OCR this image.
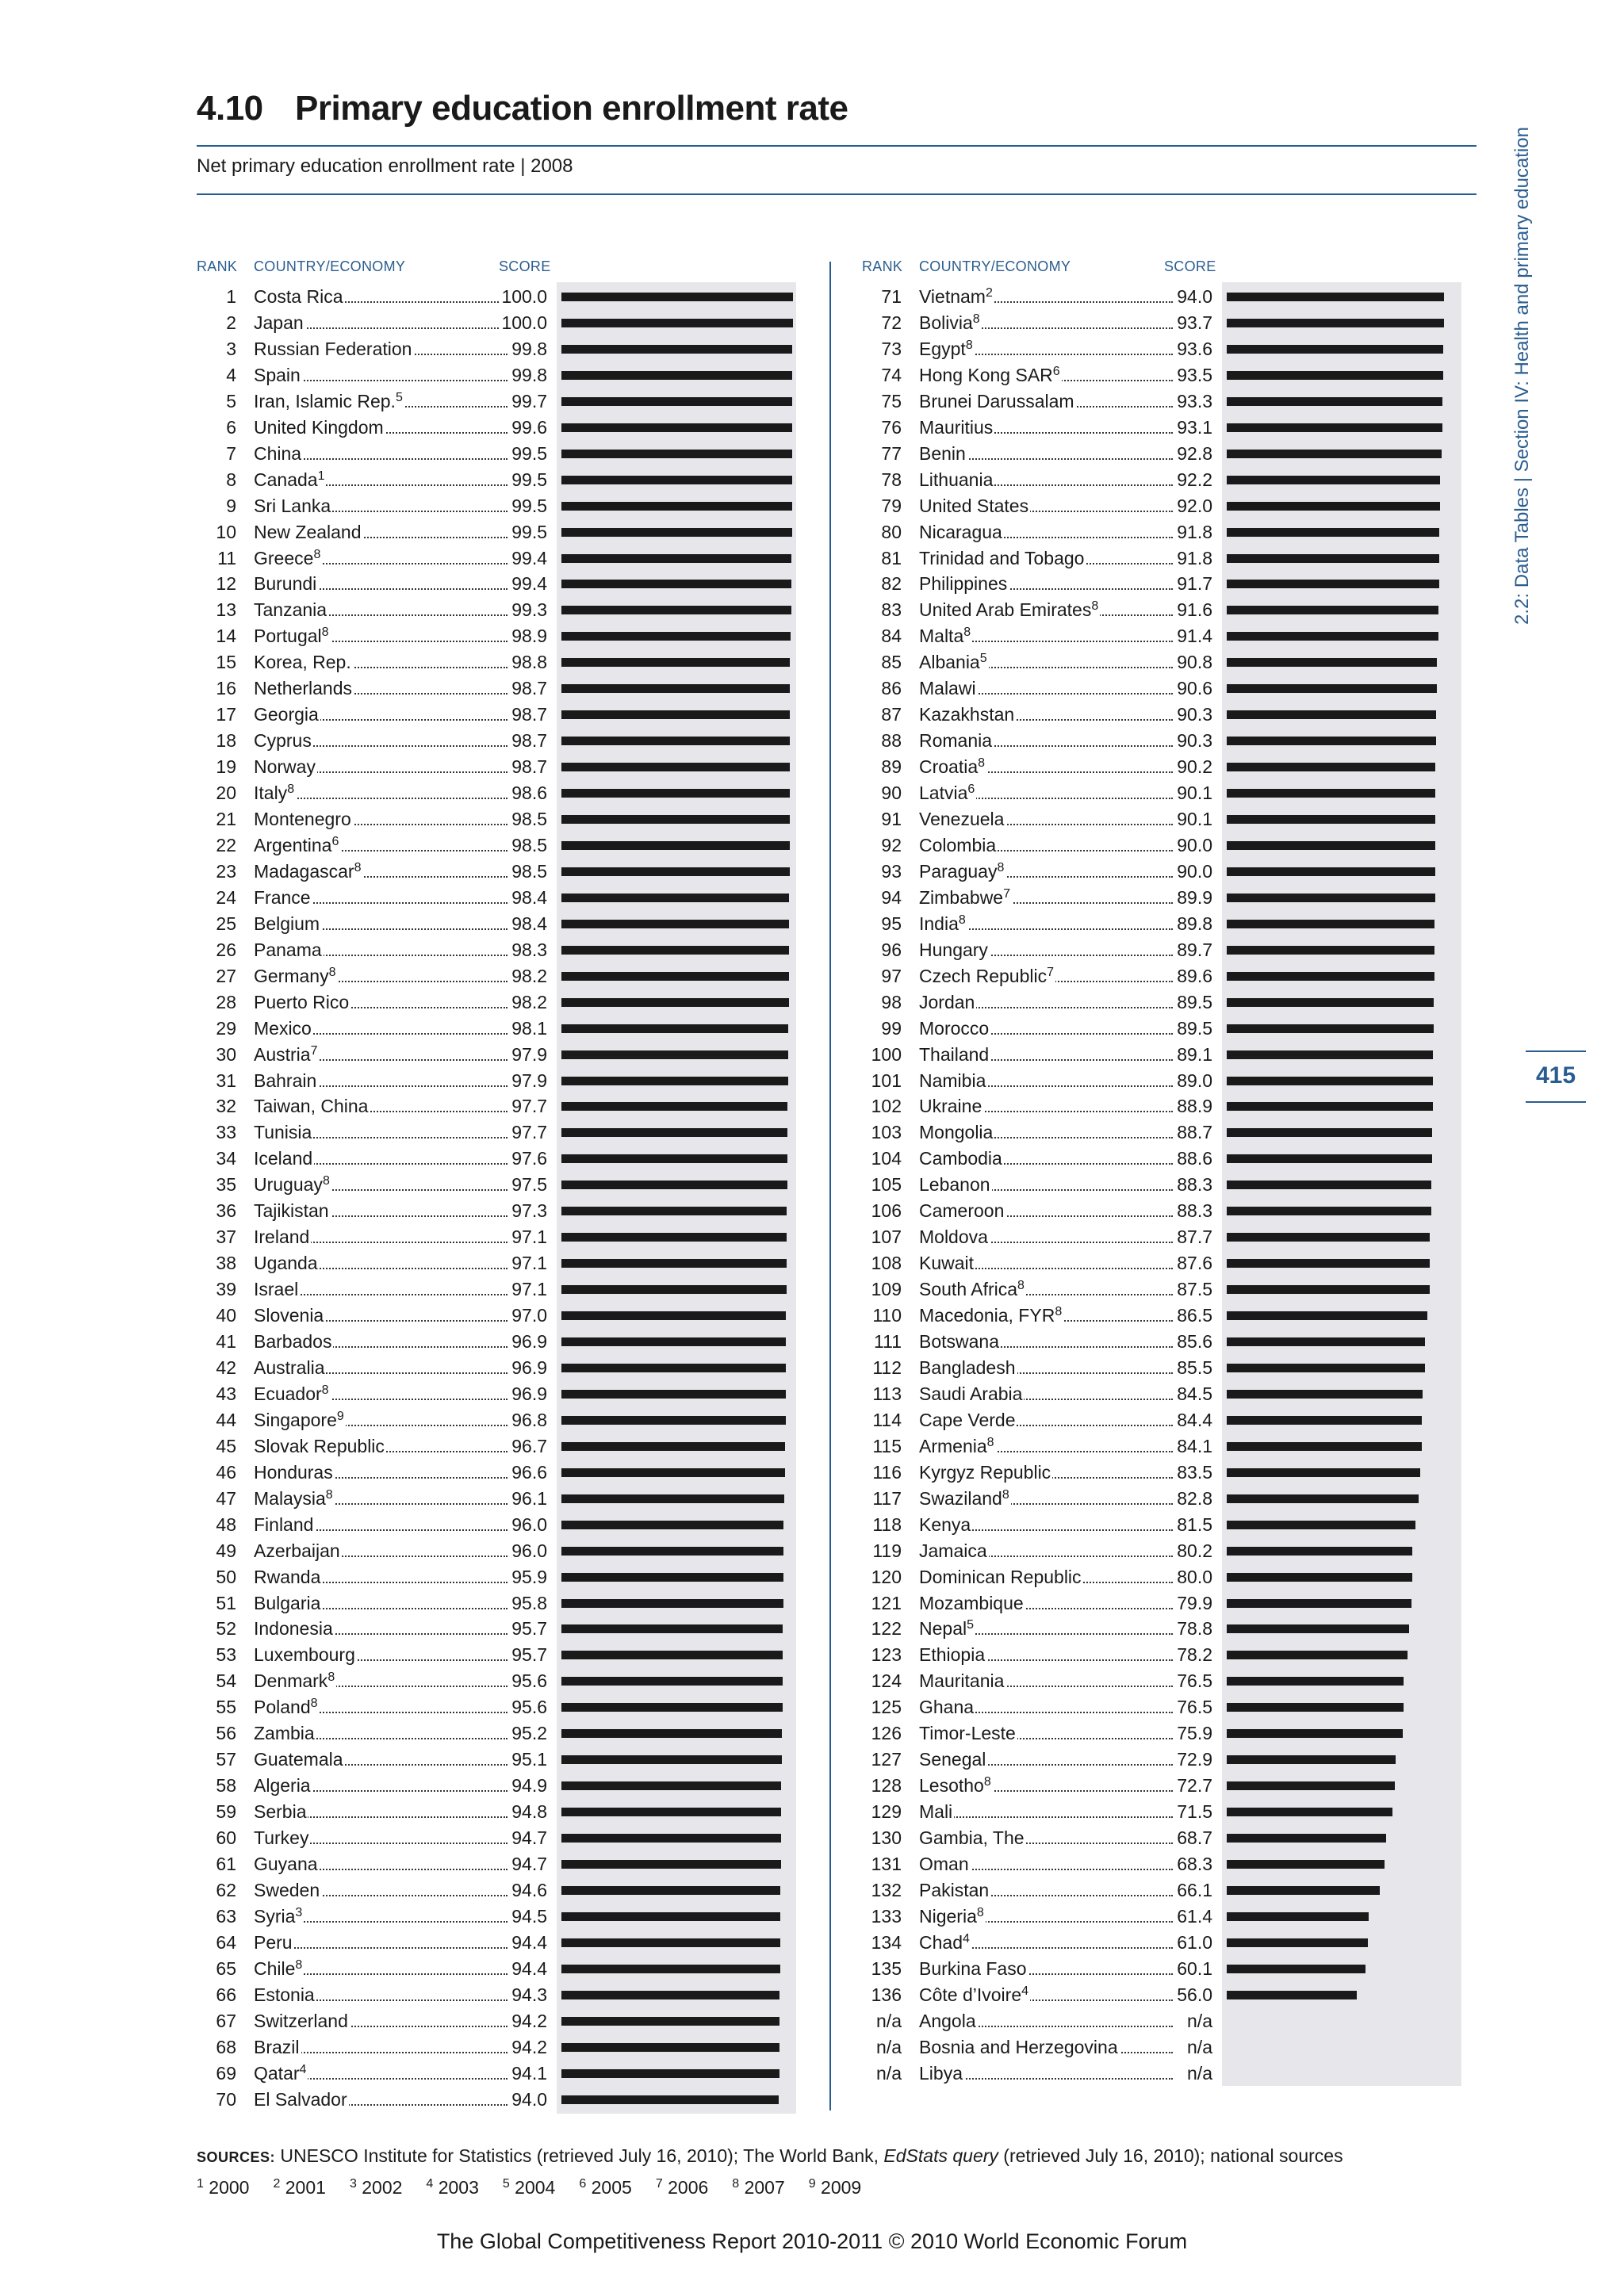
4.10 Primary education enrollment rate
Net primary education enrollment rate | 2008
RANK COUNTRY/ECONOMY	SCORE	RANK COUNTRY/ECONOMY	SCORE
1 Costa Rica	100.0
2 Japan	100.0
3 Russian Federation	99.8
4 Spain	99.8
5 Iran, Islamic Rep.$^5$	99.7
6 United Kingdom	99.6
7 China	99.5
8 Canada$^1$	99.5
9 Sri Lanka	99.5
10 New Zealand	99.5
11 Greece$^8$	99.4
12 Burundi	99.4
13 Tanzania	99.3
14 Portugal$^8$	98.9
15 Korea, Rep.	98.8
16 Netherlands	98.7
17 Georgia	98.7
18 Cyprus	98.7
19 Norway	98.7
20 Italy$^8$	98.6
21 Montenegro	98.5
22 Argentina$^6$	98.5
23 Madagascar$^8$	98.5
24 France	98.4
25 Belgium	98.4
26 Panama	98.3
27 Germany$^8$	98.2
28 Puerto Rico	98.2
29 Mexico	98.1
30 Austria$^7$	97.9
31 Bahrain	97.9
32 Taiwan, China	97.7
33 Tunisia	97.7
34 Iceland	97.6
35 Uruguay$^8$	97.5
36 Tajikistan	97.3
37 Ireland	97.1
38 Uganda	97.1
39 Israel	97.1
40 Slovenia	97.0
41 Barbados	96.9
42 Australia	96.9
43 Ecuador$^8$	96.9
44 Singapore$^9$	96.8
45 Slovak Republic	96.7
46 Honduras	96.6
47 Malaysia$^8$	96.1
48 Finland	96.0
49 Azerbaijan	96.0
50 Rwanda	95.9
51 Bulgaria	95.8
52 Indonesia	95.7
53 Luxembourg	95.7
54 Denmark$^8$	95.6
55 Poland$^8$	95.6
56 Zambia	95.2
57 Guatemala	95.1
58 Algeria	94.9
59 Serbia	94.8
60 Turkey	94.7
61 Guyana	94.7
62 Sweden	94.6
63 Syria$^3$	94.5
64 Peru	94.4
65 Chile$^8$	94.4
66 Estonia	94.3
67 Switzerland	94.2
68 Brazil	94.2
69 Qatar$^4$	94.1
70 El Salvador	94.0
71 Vietnam$^2$	94.0
72 Bolivia$^8$	93.7
73 Egypt$^8$	93.6
74 Hong Kong SAR$^6$	93.5
75 Brunei Darussalam	93.3
76 Mauritius	93.1
77 Benin	92.8
78 Lithuania	92.2
79 United States	92.0
80 Nicaragua	91.8
81 Trinidad and Tobago	91.8
82 Philippines	91.7
83 United Arab Emirates$^8$	91.6
84 Malta$^8$	91.4
85 Albania$^5$	90.8
86 Malawi	90.6
87 Kazakhstan	90.3
88 Romania	90.3
89 Croatia$^8$	90.2
90 Latvia$^6$	90.1
91 Venezuela	90.1
92 Colombia	90.0
93 Paraguay$^8$	90.0
94 Zimbabwe$^7$	89.9
95 India$^8$	89.8
96 Hungary	89.7
97 Czech Republic$^7$	89.6
98 Jordan	89.5
99 Morocco	89.5
100 Thailand	89.1
101 Namibia	89.0
102 Ukraine	88.9
103 Mongolia	88.7
104 Cambodia	88.6
105 Lebanon	88.3
106 Cameroon	88.3
107 Moldova	87.7
108 Kuwait	87.6
109 South Africa$^8$	87.5
110 Macedonia, FYR$^8$	86.5
111 Botswana	85.6
112 Bangladesh	85.5
113 Saudi Arabia	84.5
114 Cape Verde	84.4
115 Armenia$^8$	84.1
116 Kyrgyz Republic	83.5
117 Swaziland$^8$	82.8
118 Kenya	81.5
119 Jamaica	80.2
120 Dominican Republic	80.0
121 Mozambique	79.9
122 Nepal$^5$	78.8
123 Ethiopia	78.2
124 Mauritania	76.5
125 Ghana	76.5
126 Timor-Leste	75.9
127 Senegal	72.9
128 Lesotho$^8$	72.7
129 Mali	71.5
130 Gambia, The	68.7
131 Oman	68.3
132 Pakistan	66.1
133 Nigeria$^8$	61.4
134 Chad$^4$	61.0
135 Burkina Faso	60.1
136 Côte d’Ivoire$^4$	56.0
n/a Angola	n/a
n/a Bosnia and Herzegovina	n/a
n/a Libya	n/a
2.2: Data Tables | Section IV: Health and primary education
415
SOURCES: UNESCO Institute for Statistics (retrieved July 16, 2010); The World Bank, EdStats query (retrieved July 16, 2010); national sources
$^1$ 2000 $^2$ 2001 $^3$ 2002 $^4$ 2003 $^5$ 2004 $^6$ 2005 $^7$ 2006 $^8$ 2007 $^9$ 2009
The Global Competitiveness Report 2010-2011 © 2010 World Economic Forum
